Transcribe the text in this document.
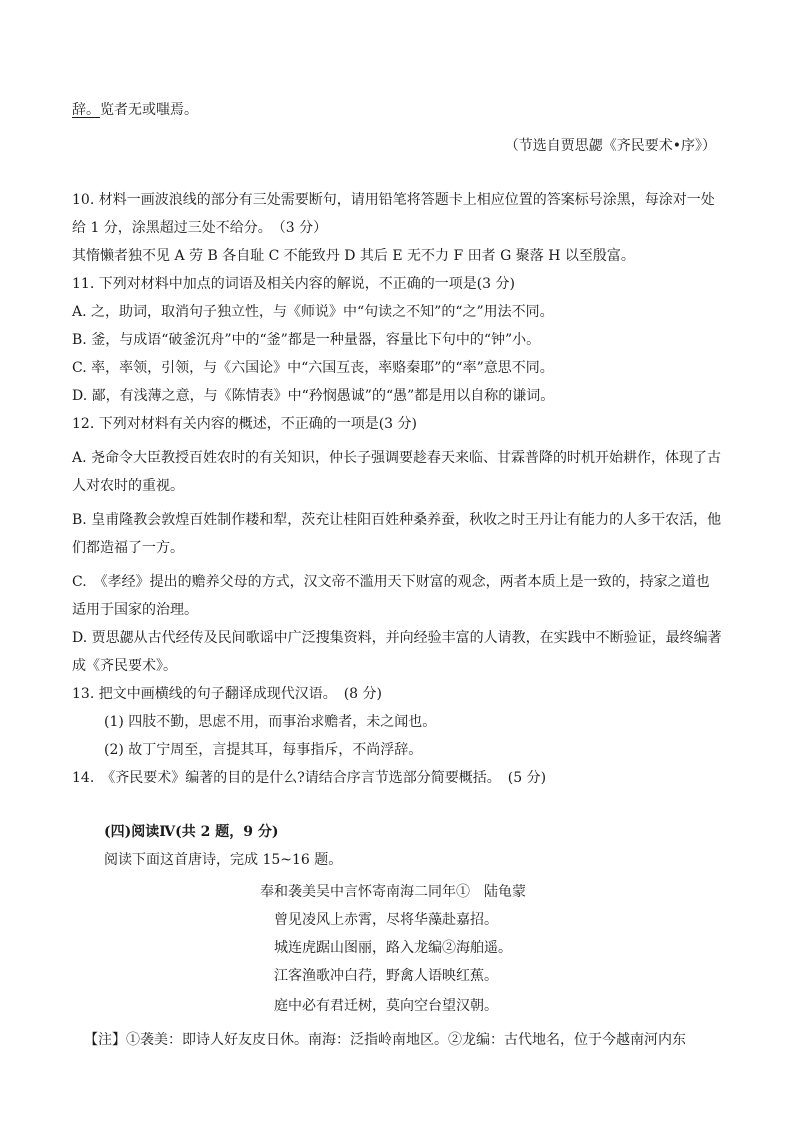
辞。览者无或嗤焉。
（节选自贾思勰《齐民要术•序》）
10. 材料一画波浪线的部分有三处需要断句，请用铅笔将答题卡上相应位置的答案标号涂黑，每涂对一处
给 1 分，涂黑超过三处不给分。　（3 分）
其惰懒者独不见 A 劳 B 各自耻 C 不能致丹 D 其后 E 无不力 F 田者 G 聚落 H 以至殷富。
11. 下列对材料中加点的词语及相关内容的解说，不正确的一项是(3 分)
A. 之，助词，取消句子独立性，与《师说》中“句读之不知”的“之”用法不同。
B. 釜，与成语“破釜沉舟”中的“釜”都是一种量器，容量比下句中的“钟”小。
C. 率，率领，引领，与《六国论》中“六国互丧，率赂秦耶”的“率”意思不同。
D. 鄙，有浅薄之意，与《陈情表》中“矜悯愚诚”的“愚”都是用以自称的谦词。
12. 下列对材料有关内容的概述，不正确的一项是(3 分)
A. 尧命令大臣教授百姓农时的有关知识，仲长子强调要趁春天来临、甘霖普降的时机开始耕作，体现了古
人对农时的重视。
B. 皇甫隆教会敦煌百姓制作耧和犁，茨充让桂阳百姓种桑养蚕，秋收之时王丹让有能力的人多干农活，他
们都造福了一方。
C.　《孝经》提出的赡养父母的方式，汉文帝不滥用天下财富的观念，两者本质上是一致的，持家之道也
适用于国家的治理。
D. 贾思勰从古代经传及民间歌谣中广泛搜集资料，并向经验丰富的人请教，在实践中不断验证，最终编著
成《齐民要术》。
13. 把文中画横线的句子翻译成现代汉语。　(8 分)
(1) 四肢不勤，思虑不用，而事治求赡者，未之闻也。
(2) 故丁宁周至，言提其耳，每事指斥，不尚浮辞。
14.　《齐民要术》编著的目的是什么?请结合序言节选部分简要概括。　(5 分)
(四)阅读Ⅳ(共 2 题，9 分)
阅读下面这首唐诗，完成 15~16 题。
奉和袭美吴中言怀寄南海二同年①　陆龟蒙
曾见凌风上赤霄，尽将华藻赴嘉招。
城连虎踞山图丽，路入龙编②海舶遥。
江客渔歌冲白荇，野禽人语映红蕉。
庭中必有君迁树，莫向空台望汉朝。
【注】①袭美：即诗人好友皮日休。南海：泛指岭南地区。②龙编：古代地名，位于今越南河内东
